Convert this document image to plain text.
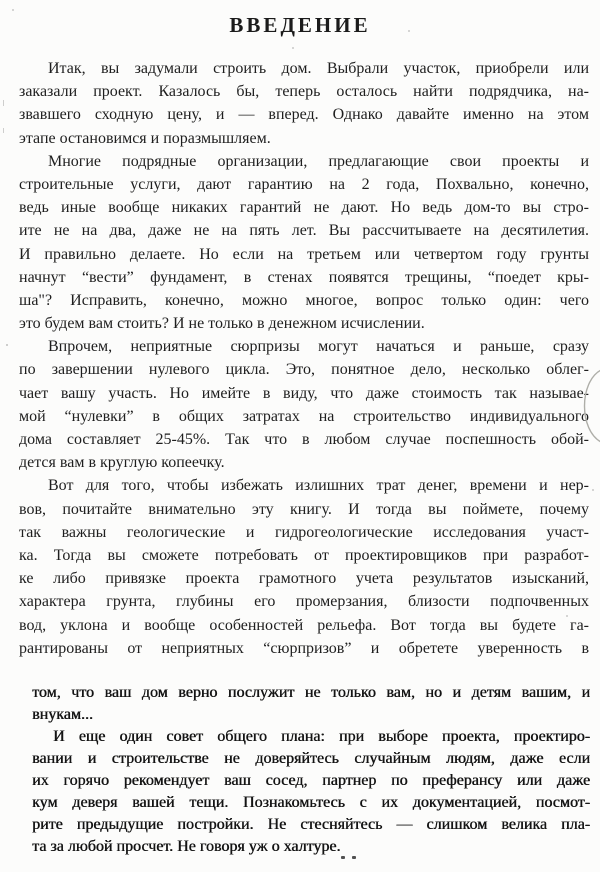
ВВЕДЕНИЕ
Итак, вы задумали строить дом. Выбрали участок, приобрели или
заказали проект. Казалось бы, теперь осталось найти подрядчика, на-
звавшего сходную цену, и — вперед. Однако давайте именно на этом
этапе остановимся и поразмышляем.
Многие подрядные организации, предлагающие свои проекты и
строительные услуги, дают гарантию на 2 года, Похвально, конечно,
ведь иные вообще никаких гарантий не дают. Но ведь дом-то вы стро-
ите не на два, даже не на пять лет. Вы рассчитываете на десятилетия.
И правильно делаете. Но если на третьем или четвертом году грунты
начнут “вести” фундамент, в стенах появятся трещины, “поедет кры-
ша"? Исправить, конечно, можно многое, вопрос только один: чего
это будем вам стоить? И не только в денежном исчислении.
Впрочем, неприятные сюрпризы могут начаться и раньше, сразу
по завершении нулевого цикла. Это, понятное дело, несколько облег-
чает вашу участь. Но имейте в виду, что даже стоимость так называе-
мой “нулевки” в общих затратах на строительство индивидуального
дома составляет 25-45%. Так что в любом случае поспешность обой-
дется вам в круглую копеечку.
Вот для того, чтобы избежать излишних трат денег, времени и нер-
вов, почитайте внимательно эту книгу. И тогда вы поймете, почему
так важны геологические и гидрогеологические исследования участ-
ка. Тогда вы сможете потребовать от проектировщиков при разработ-
ке либо привязке проекта грамотного учета результатов изысканий,
характера грунта, глубины его промерзания, близости подпочвенных
вод, уклона и вообще особенностей рельефа. Вот тогда вы будете га-
рантированы от неприятных “сюрпризов” и обретете уверенность в
том, что ваш дом верно послужит не только вам, но и детям вашим, и
внукам...
И еще один совет общего плана: при выборе проекта, проектиро-
вании и строительстве не доверяйтесь случайным людям, даже если
их горячо рекомендует ваш сосед, партнер по преферансу или даже
кум деверя вашей тещи. Познакомьтесь с их документацией, посмот-
рите предыдущие постройки. Не стесняйтесь — слишком велика пла-
та за любой просчет. Не говоря уж о халтуре.
